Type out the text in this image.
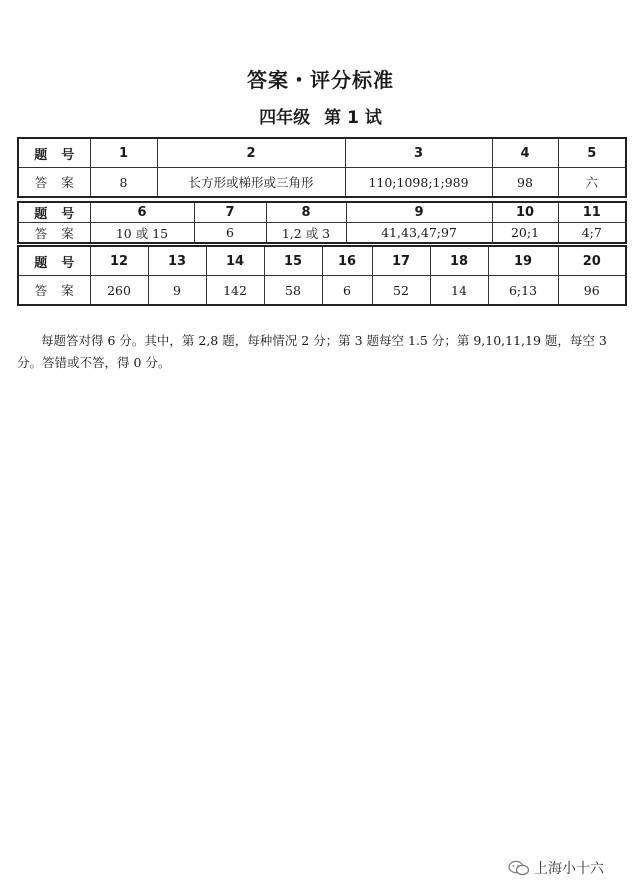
答案・评分标准
四年级 第 1 试
题号	1	2	3	4	5
答案	8	长方形或梯形或三角形	110;1098;1;989	98	六
题号	6	7	8	9	10	11
答案	10 或 15	6	1,2 或 3	41,43,47;97	20;1	4;7
题号	12	13	14	15	16	17	18	19	20
答案	260	9	142	58	6	52	14	6;13	96

每题答对得 6 分。其中，第 2,8 题，每种情况 2 分；第 3 题每空 1.5 分；第 9,10,11,19 题，每空 3 分。答错或不答，得 0 分。

上海小十六
